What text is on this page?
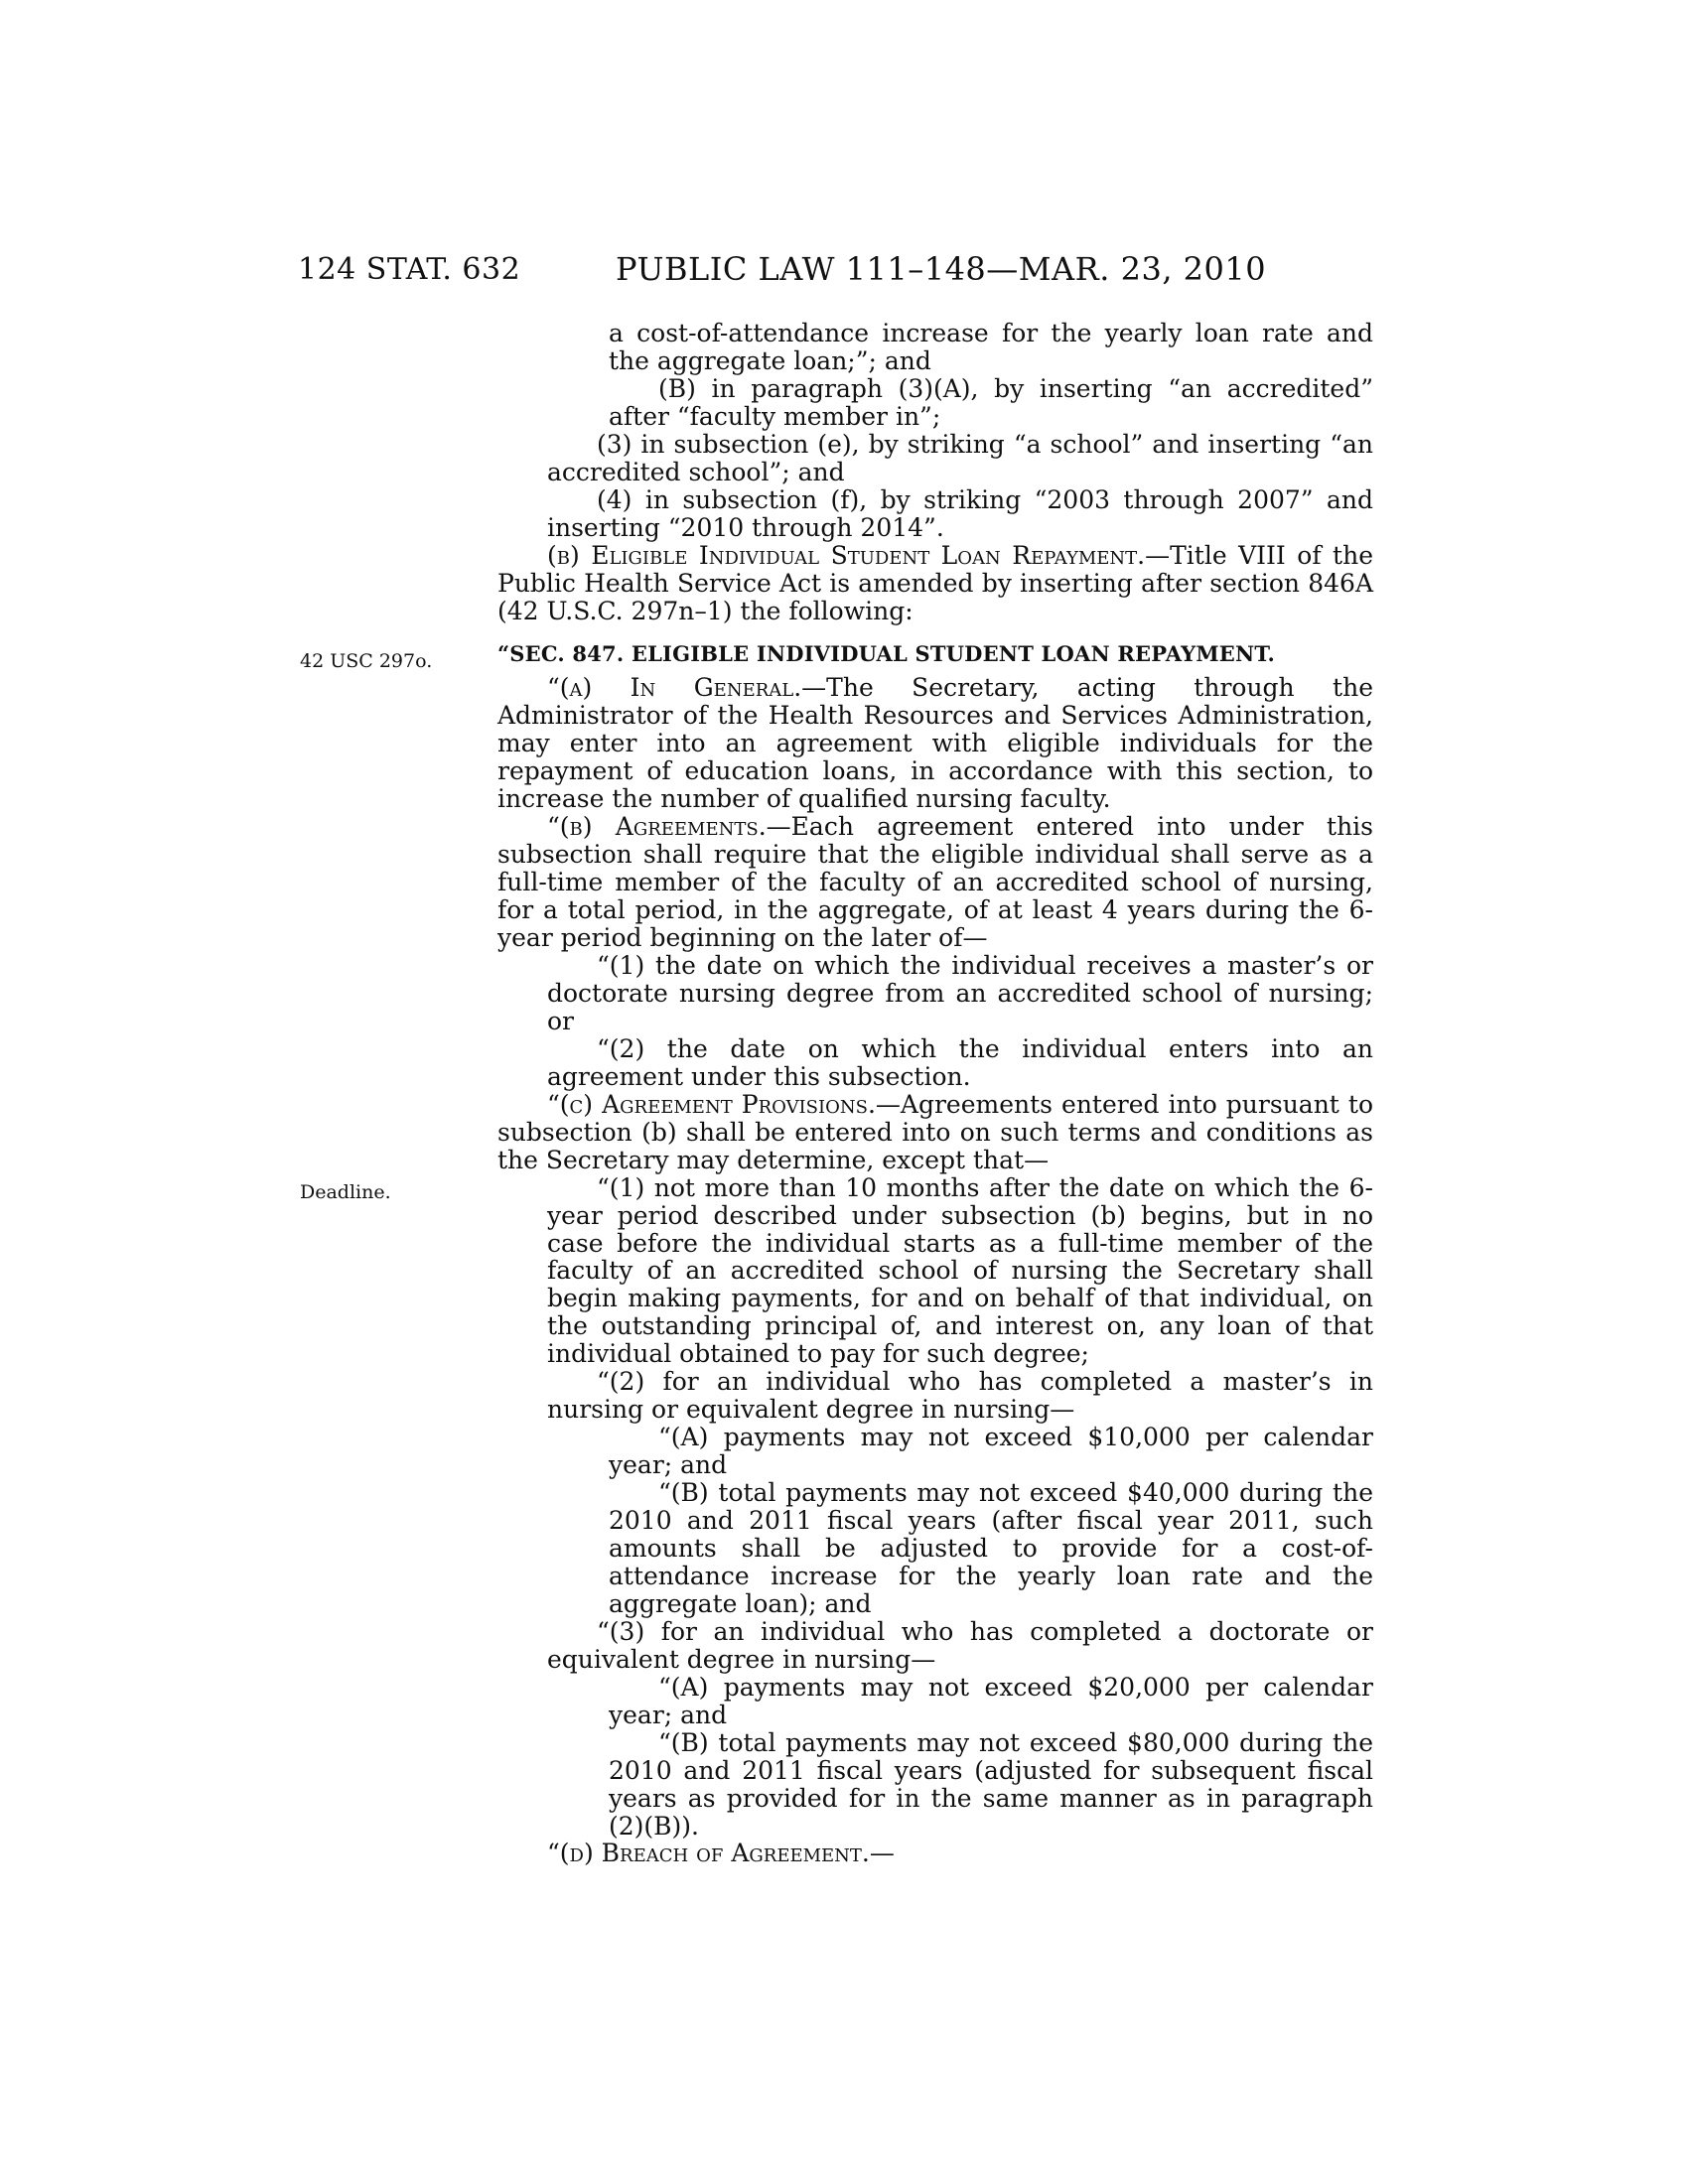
124 STAT. 632	PUBLIC LAW 111–148—MAR. 23, 2010
42 USC 297o.
Deadline.

a cost-of-attendance increase for the yearly loan rate and the aggregate loan;”; and

(B) in paragraph (3)(A), by inserting “an accredited” after “faculty member in”;

(3) in subsection (e), by striking “a school” and inserting “an accredited school”; and

(4) in subsection (f), by striking “2003 through 2007” and inserting “2010 through 2014”.

(b) Eligible Individual Student Loan Repayment.—Title VIII of the Public Health Service Act is amended by inserting after section 846A (42 U.S.C. 297n–1) the following:

“SEC. 847. ELIGIBLE INDIVIDUAL STUDENT LOAN REPAYMENT.

“(a) In General.—The Secretary, acting through the Administrator of the Health Resources and Services Administration, may enter into an agreement with eligible individuals for the repayment of education loans, in accordance with this section, to increase the number of qualified nursing faculty.

“(b) Agreements.—Each agreement entered into under this subsection shall require that the eligible individual shall serve as a full-time member of the faculty of an accredited school of nursing, for a total period, in the aggregate, of at least 4 years during the 6-year period beginning on the later of—

“(1) the date on which the individual receives a master’s or doctorate nursing degree from an accredited school of nursing; or

“(2) the date on which the individual enters into an agreement under this subsection.

“(c) Agreement Provisions.—Agreements entered into pursuant to subsection (b) shall be entered into on such terms and conditions as the Secretary may determine, except that—

“(1) not more than 10 months after the date on which the 6-year period described under subsection (b) begins, but in no case before the individual starts as a full-time member of the faculty of an accredited school of nursing the Secretary shall begin making payments, for and on behalf of that individual, on the outstanding principal of, and interest on, any loan of that individual obtained to pay for such degree;

“(2) for an individual who has completed a master’s in nursing or equivalent degree in nursing—

“(A) payments may not exceed $10,000 per calendar year; and

“(B) total payments may not exceed $40,000 during the 2010 and 2011 fiscal years (after fiscal year 2011, such amounts shall be adjusted to provide for a cost-of-attendance increase for the yearly loan rate and the aggregate loan); and

“(3) for an individual who has completed a doctorate or equivalent degree in nursing—

“(A) payments may not exceed $20,000 per calendar year; and

“(B) total payments may not exceed $80,000 during the 2010 and 2011 fiscal years (adjusted for subsequent fiscal years as provided for in the same manner as in paragraph (2)(B)).

“(d) Breach of Agreement.—
